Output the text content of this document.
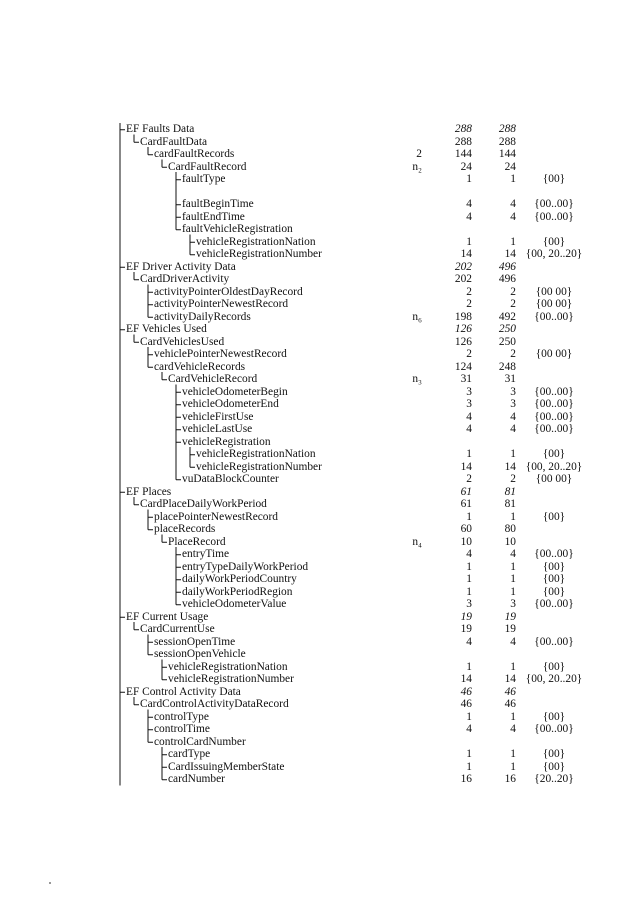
EF Faults Data	288	288
CardFaultData	288	288
cardFaultRecords	2	144	144
CardFaultRecord	n₂	24	24
faultType	1	1	{00}
faultBeginTime	4	4	{00..00}
faultEndTime	4	4	{00..00}
faultVehicleRegistration
vehicleRegistrationNation	1	1	{00}
vehicleRegistrationNumber	14	14 {00, 20..20}
EF Driver Activity Data	202	496
CardDriverActivity	202	496
activityPointerOldestDayRecord	2	2	{00 00}
activityPointerNewestRecord	2	2	{00 00}
activityDailyRecords	n₆	198	492	{00..00}
EF Vehicles Used	126	250
CardVehiclesUsed	126	250
vehiclePointerNewestRecord	2	2	{00 00}
cardVehicleRecords	124	248
CardVehicleRecord	n₃	31	31
vehicleOdometerBegin	3	3	{00..00}
vehicleOdometerEnd	3	3	{00..00}
vehicleFirstUse	4	4	{00..00}
vehicleLastUse	4	4	{00..00}
vehicleRegistration
vehicleRegistrationNation	1	1	{00}
vehicleRegistrationNumber	14	14 {00, 20..20}
vuDataBlockCounter	2	2	{00 00}
EF Places	61	81
CardPlaceDailyWorkPeriod	61	81
placePointerNewestRecord	1	1	{00}
placeRecords	60	80
PlaceRecord	n₄	10	10
entryTime	4	4	{00..00}
entryTypeDailyWorkPeriod	1	1	{00}
dailyWorkPeriodCountry	1	1	{00}
dailyWorkPeriodRegion	1	1	{00}
vehicleOdometerValue	3	3	{00..00}
EF Current Usage	19	19
CardCurrentUse	19	19
sessionOpenTime	4	4	{00..00}
sessionOpenVehicle
vehicleRegistrationNation	1	1	{00}
vehicleRegistrationNumber	14	14 {00, 20..20}
EF Control Activity Data	46	46
CardControlActivityDataRecord	46	46
controlType	1	1	{00}
controlTime	4	4	{00..00}
controlCardNumber
cardType	1	1	{00}
CardIssuingMemberState	1	1	{00}
cardNumber	16	16	{20..20}
